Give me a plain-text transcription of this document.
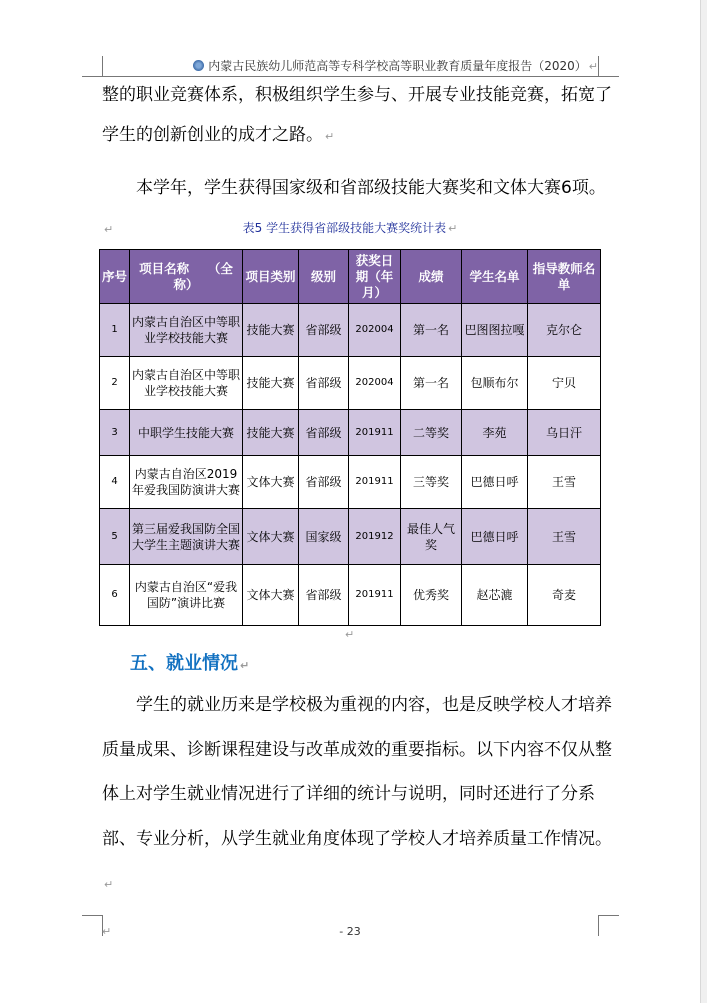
内蒙古民族幼儿师范高等专科学校高等职业教育质量年度报告（2020） ↵
整的职业竞赛体系，积极组织学生参与、开展专业技能竞赛，拓宽了学生的创新创业的成才之路。 ↵
本学年，学生获得国家级和省部级技能大赛奖和文体大赛6项。↵	表5 学生获得省部级技能大赛奖统计表 ↵
序号	项目名称　　（全称）	项目类别	级别	获奖日期（年月）	成绩	学生名单	指导教师名单
1	内蒙古自治区中等职业学校技能大赛	技能大赛	省部级	202004	第一名	巴图图拉嘎	克尔仑
2	内蒙古自治区中等职业学校技能大赛	技能大赛	省部级	202004	第一名	包顺布尔	宁贝
3	中职学生技能大赛	技能大赛	省部级	201911	二等奖	李苑	乌日汗
4	内蒙古自治区2019年爱我国防演讲大赛	文体大赛	省部级	201911	三等奖	巴德日呼	王雪
5	第三届爱我国防全国大学生主题演讲大赛	文体大赛	国家级	201912	最佳人气奖	巴德日呼	王雪
6	内蒙古自治区“爱我国防”演讲比赛	文体大赛	省部级	201911	优秀奖	赵芯漉	奇麦
↵
五、就业情况 ↵
学生的就业历来是学校极为重视的内容，也是反映学校人才培养质量成果、诊断课程建设与改革成效的重要指标。以下内容不仅从整体上对学生就业情况进行了详细的统计与说明，同时还进行了分系部、专业分析，从学生就业角度体现了学校人才培养质量工作情况。↵
↵	- 23
